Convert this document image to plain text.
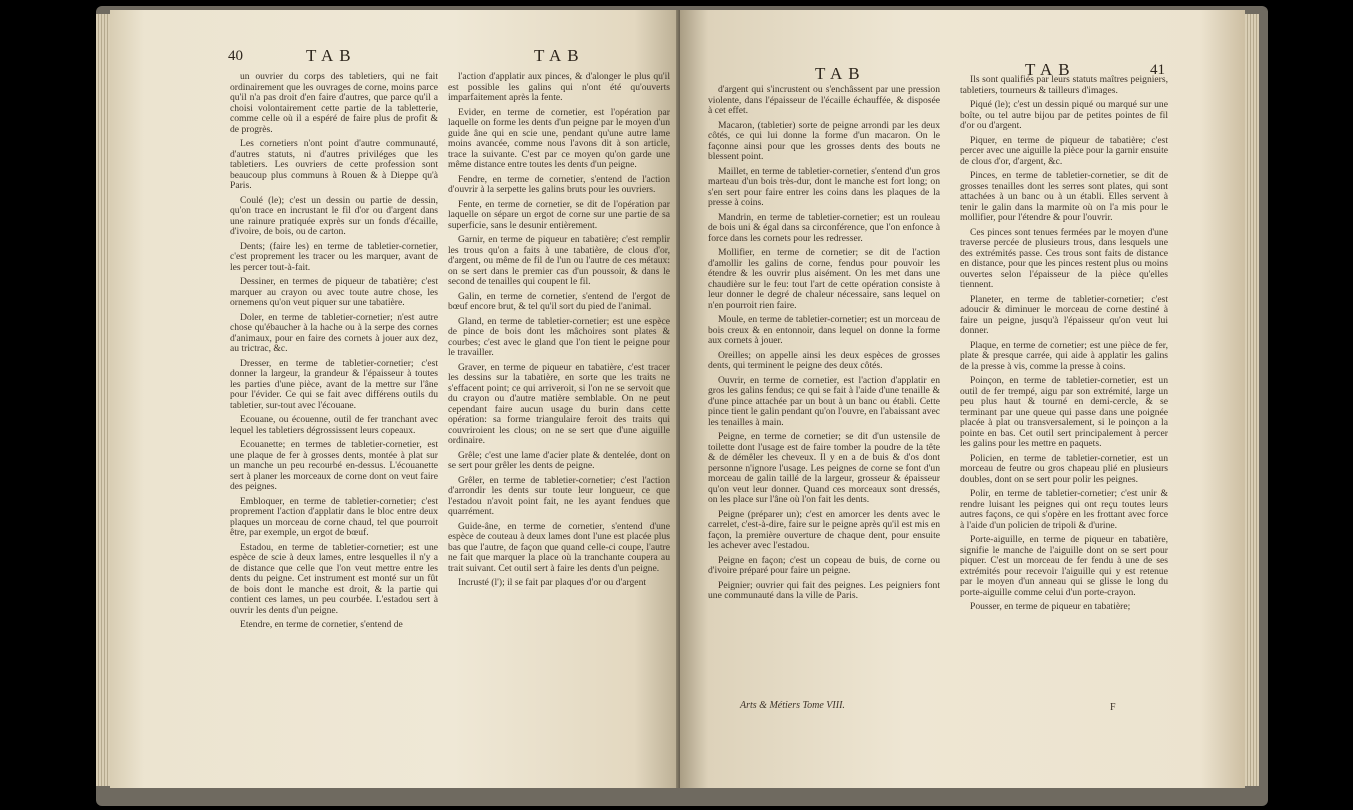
40	TAB	TAB

un ouvrier du corps des tabletiers, qui ne fait ordinairement que les ouvrages de corne, moins parce qu'il n'a pas droit d'en faire d'autres, que parce qu'il a choisi volontairement cette partie de la tabletterie, comme celle où il a espéré de faire plus de profit & de progrès.

Les cornetiers n'ont point d'autre communauté, d'autres statuts, ni d'autres priviléges que les tabletiers. Les ouvriers de cette profession sont beaucoup plus communs à Rouen & à Dieppe qu'à Paris.

Coulé (le); c'est un dessin ou partie de dessin, qu'on trace en incrustant le fil d'or ou d'argent dans une rainure pratiquée exprès sur un fonds d'écaille, d'ivoire, de bois, ou de carton.

Dents; (faire les) en terme de tabletier-cornetier, c'est proprement les tracer ou les marquer, avant de les percer tout-à-fait.

Dessiner, en termes de piqueur de tabatière; c'est marquer au crayon ou avec toute autre chose, les ornemens qu'on veut piquer sur une tabatière.

Doler, en terme de tabletier-cornetier; n'est autre chose qu'ébaucher à la hache ou à la serpe des cornes d'animaux, pour en faire des cornets à jouer aux dez, au trictrac, &c.

Dresser, en terme de tabletier-cornetier; c'est donner la largeur, la grandeur & l'épaisseur à toutes les parties d'une pièce, avant de la mettre sur l'âne pour l'évider. Ce qui se fait avec différens outils du tabletier, sur-tout avec l'écouane.

Ecouane, ou écouenne, outil de fer tranchant avec lequel les tabletiers dégrossissent leurs copeaux.

Ecouanette; en termes de tabletier-cornetier, est une plaque de fer à grosses dents, montée à plat sur un manche un peu recourbé en-dessus. L'écouanette sert à planer les morceaux de corne dont on veut faire des peignes.

Embloquer, en terme de tabletier-cornetier; c'est proprement l'action d'applatir dans le bloc entre deux plaques un morceau de corne chaud, tel que pourroit être, par exemple, un ergot de bœuf.

Estadou, en terme de tabletier-cornetier; est une espèce de scie à deux lames, entre lesquelles il n'y a de distance que celle que l'on veut mettre entre les dents du peigne. Cet instrument est monté sur un fût de bois dont le manche est droit, & la partie qui contient ces lames, un peu courbée. L'estadou sert à ouvrir les dents d'un peigne.

Etendre, en terme de cornetier, s'entend de

l'action d'applatir aux pinces, & d'alonger le plus qu'il est possible les galins qui n'ont été qu'ouverts imparfaitement après la fente.

Evider, en terme de cornetier, est l'opération par laquelle on forme les dents d'un peigne par le moyen d'un guide âne qui en scie une, pendant qu'une autre lame moins avancée, comme nous l'avons dit à son article, trace la suivante. C'est par ce moyen qu'on garde une même distance entre toutes les dents d'un peigne.

Fendre, en terme de cornetier, s'entend de l'action d'ouvrir à la serpette les galins bruts pour les ouvriers.

Fente, en terme de cornetier, se dit de l'opération par laquelle on sépare un ergot de corne sur une partie de sa superficie, sans le desunir entièrement.

Garnir, en terme de piqueur en tabatière; c'est remplir les trous qu'on a faits à une tabatière, de clous d'or, d'argent, ou même de fil de l'un ou l'autre de ces métaux: on se sert dans le premier cas d'un poussoir, & dans le second de tenailles qui coupent le fil.

Galin, en terme de cornetier, s'entend de l'ergot de bœuf encore brut, & tel qu'il sort du pied de l'animal.

Gland, en terme de tabletier-cornetier; est une espèce de pince de bois dont les mâchoires sont plates & courbes; c'est avec le gland que l'on tient le peigne pour le travailler.

Graver, en terme de piqueur en tabatière, c'est tracer les dessins sur la tabatière, en sorte que les traits ne s'effacent point; ce qui arriveroit, si l'on ne se servoit que du crayon ou d'autre matière semblable. On ne peut cependant faire aucun usage du burin dans cette opération: sa forme triangulaire feroit des traits qui couvriroient les clous; on ne se sert que d'une aiguille ordinaire.

Grêle; c'est une lame d'acier plate & dentelée, dont on se sert pour grêler les dents de peigne.

Grêler, en terme de tabletier-cornetier; c'est l'action d'arrondir les dents sur toute leur longueur, ce que l'estadou n'avoit point fait, ne les ayant fendues que quarrément.

Guide-âne, en terme de cornetier, s'entend d'une espèce de couteau à deux lames dont l'une est placée plus bas que l'autre, de façon que quand celle-ci coupe, l'autre ne fait que marquer la place où la tranchante coupera au trait suivant. Cet outil sert à faire les dents d'un peigne.

Incrusté (l'); il se fait par plaques d'or ou d'argent

TAB	TAB	41

d'argent qui s'incrustent ou s'enchâssent par une pression violente, dans l'épaisseur de l'écaille échauffée, & disposée à cet effet.

Macaron, (tabletier) sorte de peigne arrondi par les deux côtés, ce qui lui donne la forme d'un macaron. On le façonne ainsi pour que les grosses dents des bouts ne blessent point.

Maillet, en terme de tabletier-cornetier, s'entend d'un gros marteau d'un bois très-dur, dont le manche est fort long; on s'en sert pour faire entrer les coins dans les plaques de la presse à coins.

Mandrin, en terme de tabletier-cornetier; est un rouleau de bois uni & égal dans sa circonférence, que l'on enfonce à force dans les cornets pour les redresser.

Mollifier, en terme de cornetier; se dit de l'action d'amollir les galins de corne, fendus pour pouvoir les étendre & les ouvrir plus aisément. On les met dans une chaudière sur le feu: tout l'art de cette opération consiste à leur donner le degré de chaleur nécessaire, sans lequel on n'en pourroit rien faire.

Moule, en terme de tabletier-cornetier; est un morceau de bois creux & en entonnoir, dans lequel on donne la forme aux cornets à jouer.

Oreilles; on appelle ainsi les deux espèces de grosses dents, qui terminent le peigne des deux côtés.

Ouvrir, en terme de cornetier, est l'action d'applatir en gros les galins fendus; ce qui se fait à l'aide d'une tenaille & d'une pince attachée par un bout à un banc ou établi. Cette pince tient le galin pendant qu'on l'ouvre, en l'abaissant avec les tenailles à main.

Peigne, en terme de cornetier; se dit d'un ustensile de toilette dont l'usage est de faire tomber la poudre de la tête & de démêler les cheveux. Il y en a de buis & d'os dont personne n'ignore l'usage. Les peignes de corne se font d'un morceau de galin taillé de la largeur, grosseur & épaisseur qu'on veut leur donner. Quand ces morceaux sont dressés, on les place sur l'âne où l'on fait les dents.

Peigne (préparer un); c'est en amorcer les dents avec le carrelet, c'est-à-dire, faire sur le peigne après qu'il est mis en façon, la première ouverture de chaque dent, pour ensuite les achever avec l'estadou.

Peigne en façon; c'est un copeau de buis, de corne ou d'ivoire préparé pour faire un peigne.

Peignier; ouvrier qui fait des peignes. Les peigniers font une communauté dans la ville de Paris.

Ils sont qualifiés par leurs statuts maîtres peigniers, tabletiers, tourneurs & tailleurs d'images.

Piqué (le); c'est un dessin piqué ou marqué sur une boîte, ou tel autre bijou par de petites pointes de fil d'or ou d'argent.

Piquer, en terme de piqueur de tabatière; c'est percer avec une aiguille la pièce pour la garnir ensuite de clous d'or, d'argent, &c.

Pinces, en terme de tabletier-cornetier, se dit de grosses tenailles dont les serres sont plates, qui sont attachées à un banc ou à un établi. Elles servent à tenir le galin dans la marmite où on l'a mis pour le mollifier, pour l'étendre & pour l'ouvrir.

Ces pinces sont tenues fermées par le moyen d'une traverse percée de plusieurs trous, dans lesquels une des extrémités passe. Ces trous sont faits de distance en distance, pour que les pinces restent plus ou moins ouvertes selon l'épaisseur de la pièce qu'elles tiennent.

Planeter, en terme de tabletier-cornetier; c'est adoucir & diminuer le morceau de corne destiné à faire un peigne, jusqu'à l'épaisseur qu'on veut lui donner.

Plaque, en terme de cornetier; est une pièce de fer, plate & presque carrée, qui aide à applatir les galins de la presse à vis, comme la presse à coins.

Poinçon, en terme de tabletier-cornetier, est un outil de fer trempé, aigu par son extrémité, large un peu plus haut & tourné en demi-cercle, & se terminant par une queue qui passe dans une poignée placée à plat ou transversalement, si le poinçon a la pointe en bas. Cet outil sert principalement à percer les galins pour les mettre en paquets.

Policien, en terme de tabletier-cornetier, est un morceau de feutre ou gros chapeau plié en plusieurs doubles, dont on se sert pour polir les peignes.

Polir, en terme de tabletier-cornetier; c'est unir & rendre luisant les peignes qui ont reçu toutes leurs autres façons, ce qui s'opère en les frottant avec force à l'aide d'un policien de tripoli & d'urine.

Porte-aiguille, en terme de piqueur en tabatière, signifie le manche de l'aiguille dont on se sert pour piquer. C'est un morceau de fer fendu à une de ses extrémités pour recevoir l'aiguille qui y est retenue par le moyen d'un anneau qui se glisse le long du porte-aiguille comme celui d'un porte-crayon.

Pousser, en terme de piqueur en tabatière;

Arts & Métiers Tome VIII.	F
